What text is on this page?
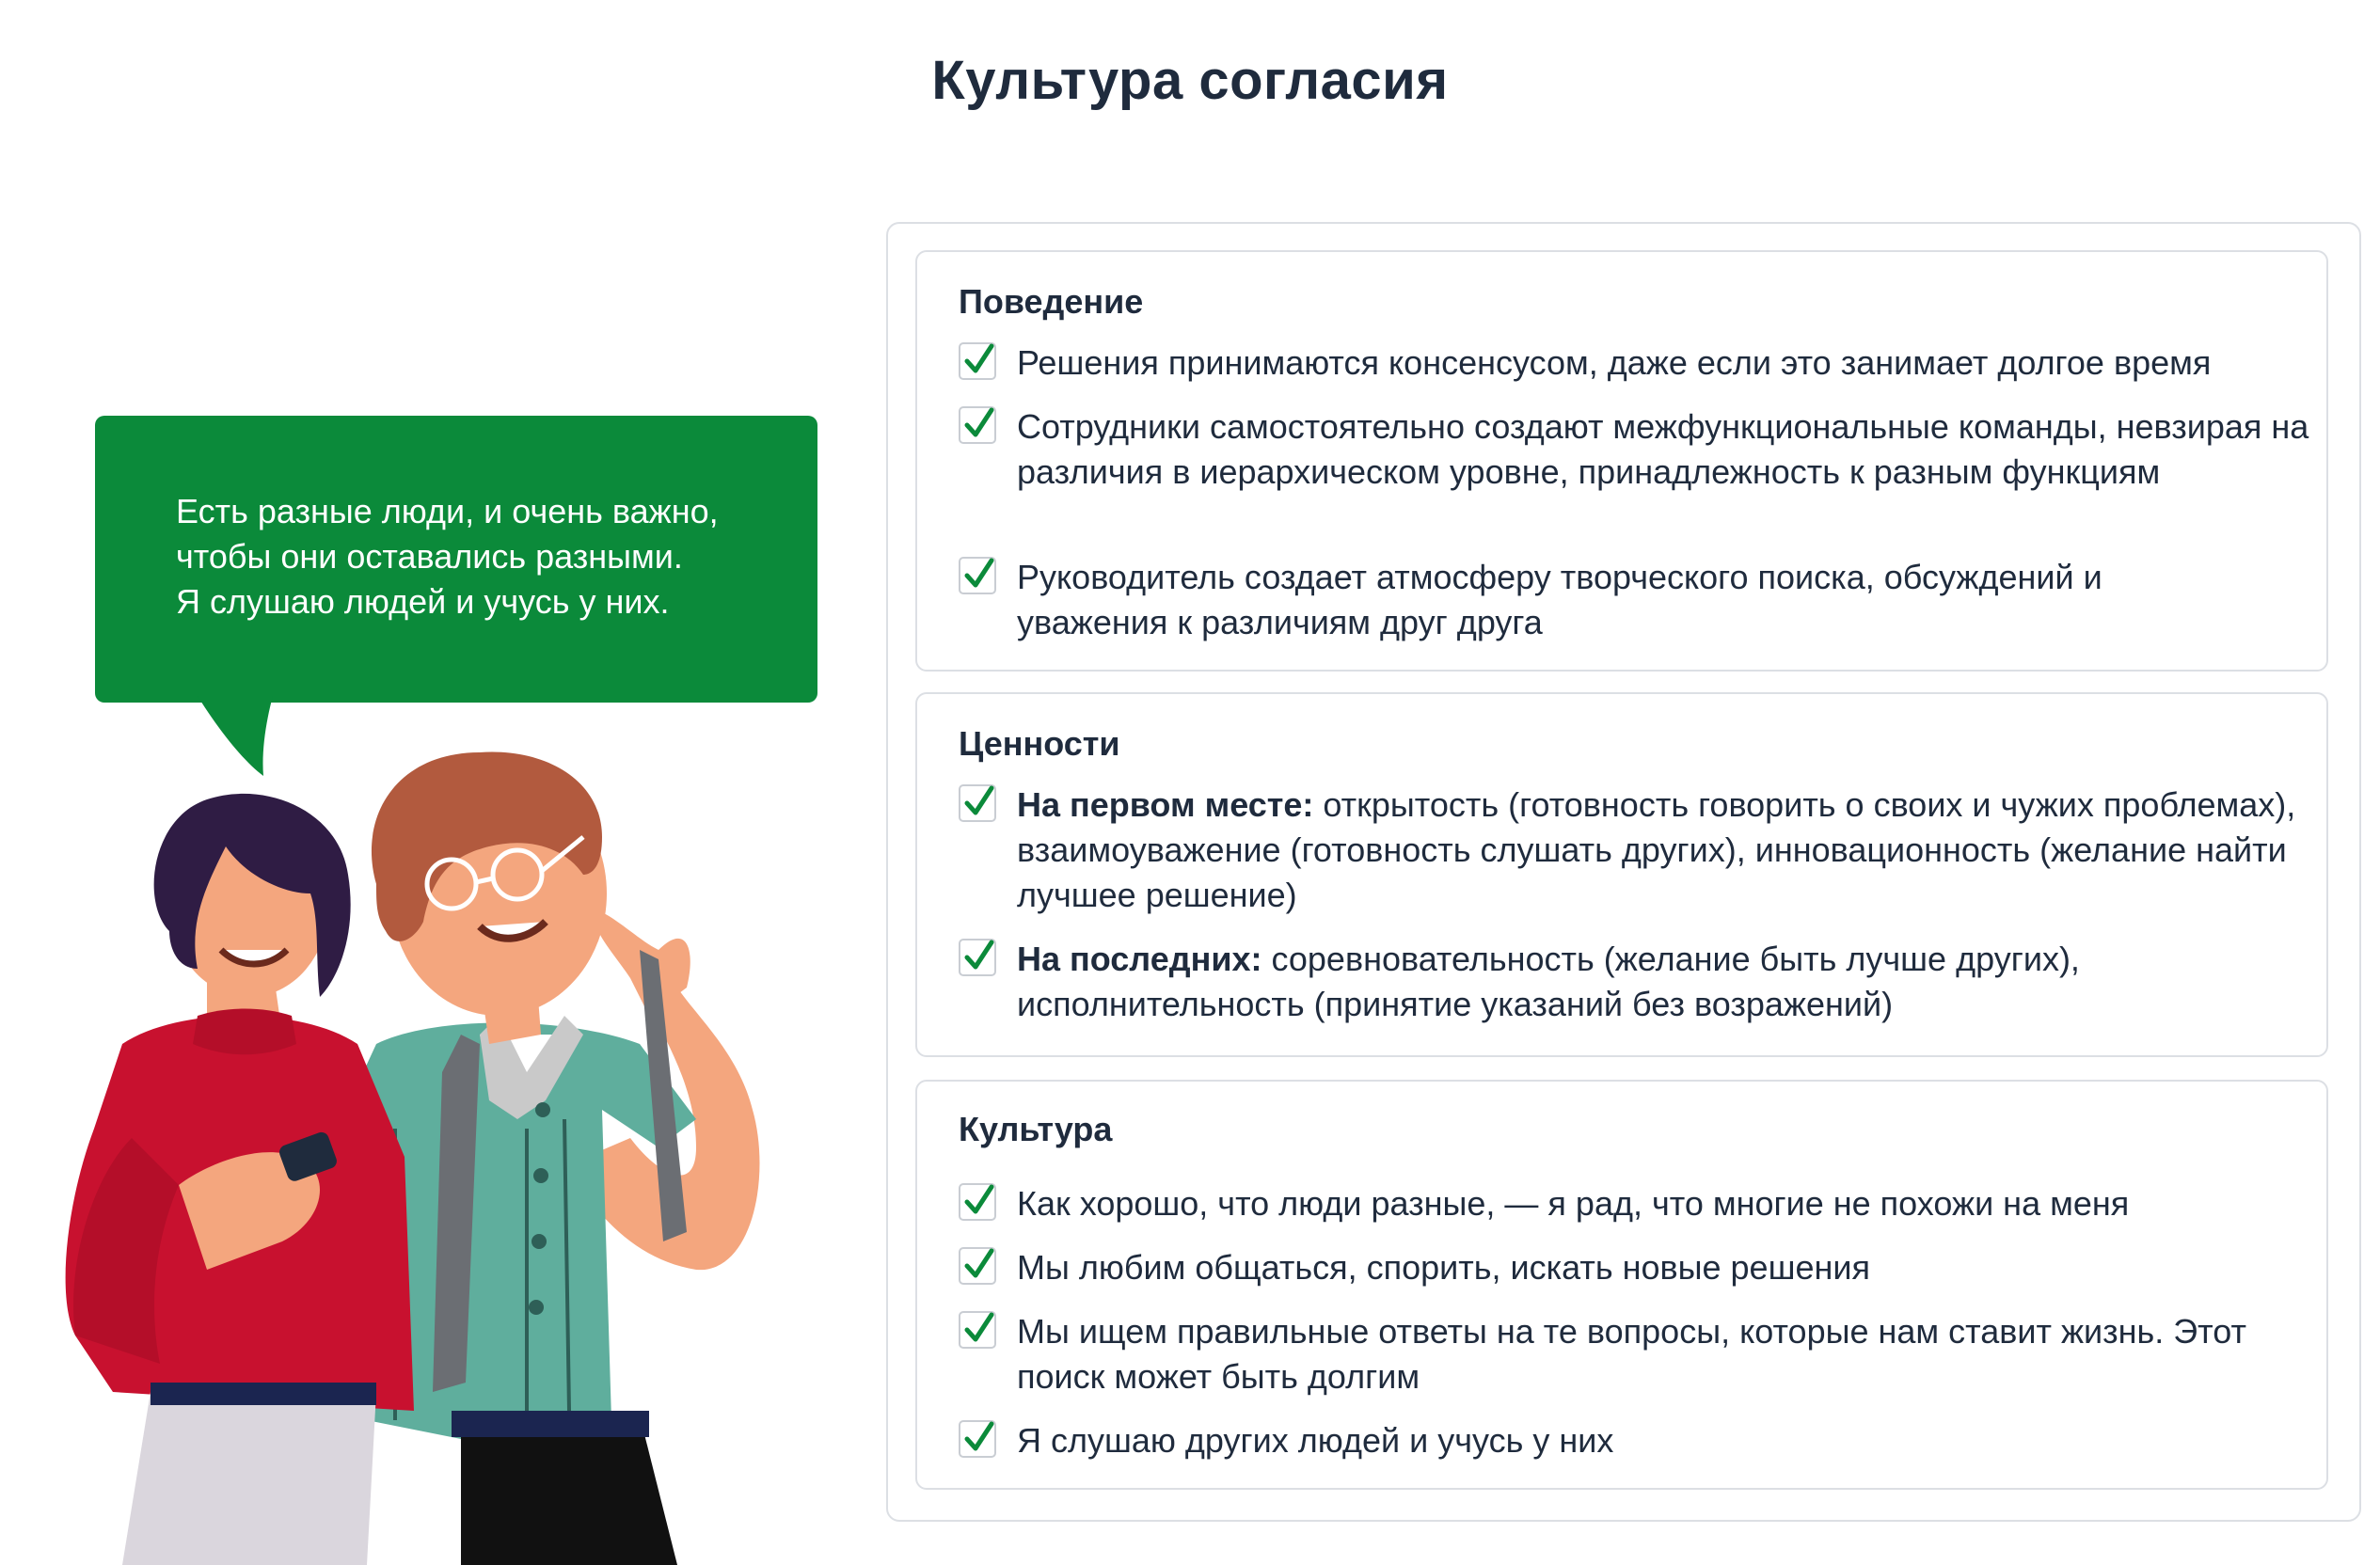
Культура согласия
Есть разные люди, и очень важно,
чтобы они оставались разными.
Я слушаю людей и учусь у них.
Поведение
Решения принимаются консенсусом, даже если это занимает долгое время
Сотрудники самостоятельно создают межфункциональные команды, невзирая на различия в иерархическом уровне, принадлежность к разным функциям
Руководитель создает атмосферу творческого поиска, обсуждений и уважения к различиям друг друга
Ценности
На первом месте: открытость (готовность говорить о своих и чужих проблемах), взаимоуважение (готовность слушать других), инновационность (желание найти лучшее решение)
На последних: соревновательность (желание быть лучше других), исполнительность (принятие указаний без возражений)
Культура
Как хорошо, что люди разные, — я рад, что многие не похожи на меня
Мы любим общаться, спорить, искать новые решения
Мы ищем правильные ответы на те вопросы, которые нам ставит жизнь. Этот поиск может быть долгим
Я слушаю других людей и учусь у них
